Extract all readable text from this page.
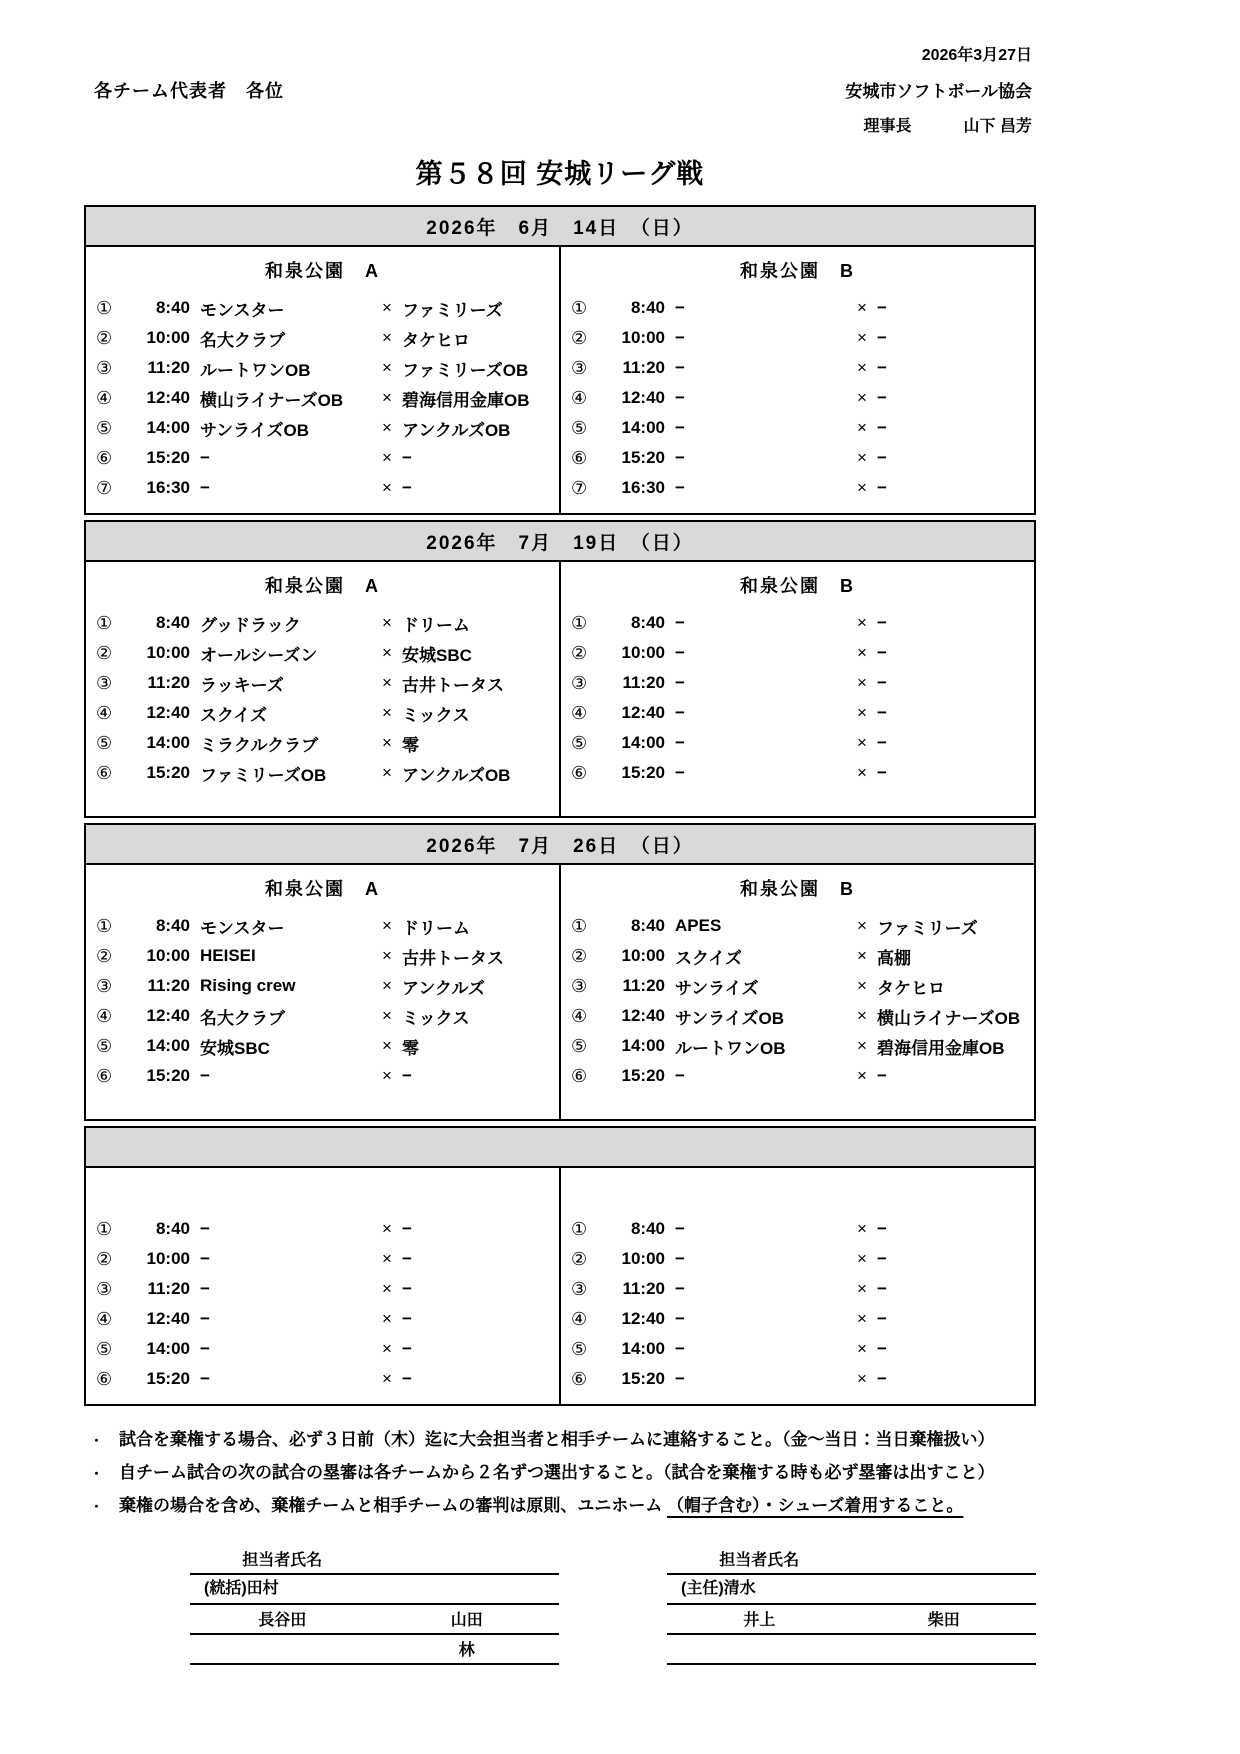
2026年3月27日
各チーム代表者　各位	安城市ソフトボール協会
理事長	山下 昌芳
第５８回 安城リーグ戦
2026年　6月　14日　（日）
和泉公園　A
①	8:40 モンスター	× ファミリーズ
②	10:00 名大クラブ	× タケヒロ
③	11:20 ルートワンOB	× ファミリーズOB
④	12:40 横山ライナーズOB	× 碧海信用金庫OB
⑤	14:00 サンライズOB	× アンクルズOB
⑥	15:20 −	× −
⑦	16:30 −	× −
和泉公園　B
①	8:40 −	× −
②	10:00 −	× −
③	11:20 −	× −
④	12:40 −	× −
⑤	14:00 −	× −
⑥	15:20 −	× −
⑦	16:30 −	× −
2026年　7月　19日　（日）
和泉公園　A
①	8:40 グッドラック	× ドリーム
②	10:00 オールシーズン	× 安城SBC
③	11:20 ラッキーズ	× 古井トータス
④	12:40 スクイズ	× ミックス
⑤	14:00 ミラクルクラブ	× 零
⑥	15:20 ファミリーズOB	× アンクルズOB
和泉公園　B
①	8:40 −	× −
②	10:00 −	× −
③	11:20 −	× −
④	12:40 −	× −
⑤	14:00 −	× −
⑥	15:20 −	× −
2026年　7月　26日　（日）
和泉公園　A
①	8:40 モンスター	× ドリーム
②	10:00 HEISEI	× 古井トータス
③	11:20 Rising crew	× アンクルズ
④	12:40 名大クラブ	× ミックス
⑤	14:00 安城SBC	× 零
⑥	15:20 −	× −
和泉公園　B
①	8:40 APES	× ファミリーズ
②	10:00 スクイズ	× 高棚
③	11:20 サンライズ	× タケヒロ
④	12:40 サンライズOB	× 横山ライナーズOB
⑤	14:00 ルートワンOB	× 碧海信用金庫OB
⑥	15:20 −	× −
①	8:40 −	× −
②	10:00 −	× −
③	11:20 −	× −
④	12:40 −	× −
⑤	14:00 −	× −
⑥	15:20 −	× −
①	8:40 −	× −
②	10:00 −	× −
③	11:20 −	× −
④	12:40 −	× −
⑤	14:00 −	× −
⑥	15:20 −	× −
・ 試合を棄権する場合、必ず３日前（木）迄に大会担当者と相手チームに連絡すること。（金～当日：当日棄権扱い）
・ 自チーム試合の次の試合の塁審は各チームから２名ずつ選出すること。（試合を棄権する時も必ず塁審は出すこと）
・ 棄権の場合を含め、棄権チームと相手チームの審判は原則、ユニホーム （帽子含む）・シューズ着用すること。
担当者氏名
(統括)田村
長谷田	山田
林
担当者氏名
(主任)清水
井上	柴田
